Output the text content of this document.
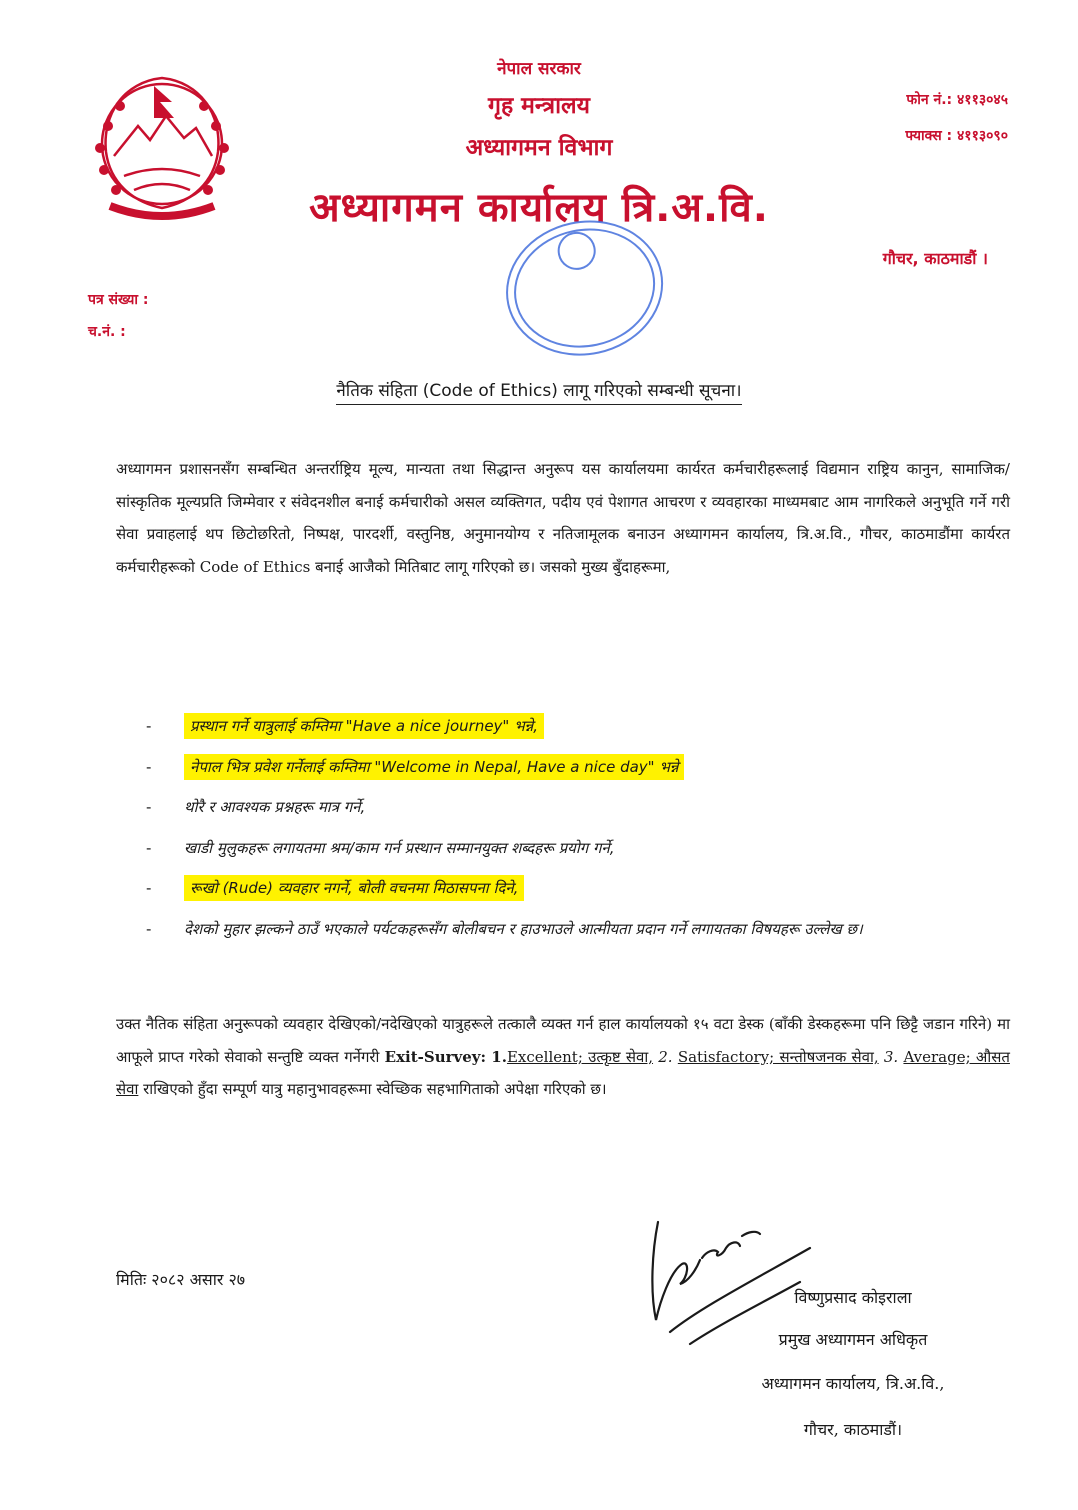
नेपाल सरकार
गृह मन्त्रालय
अध्यागमन विभाग
अध्यागमन कार्यालय त्रि.अ.वि.
फोन नं.: ४११३०४५
फ्याक्स : ४११३०९०
गौचर, काठमाडौं ।
पत्र संख्या :
च.नं. :
नैतिक संहिता (Code of Ethics) लागू गरिएको सम्बन्धी सूचना।
अध्यागमन प्रशासनसँग सम्बन्धित अन्तर्राष्ट्रिय मूल्य, मान्यता तथा सिद्धान्त अनुरूप यस कार्यालयमा कार्यरत कर्मचारीहरूलाई विद्यमान राष्ट्रिय कानुन, सामाजिक/सांस्कृतिक मूल्यप्रति जिम्मेवार र संवेदनशील बनाई कर्मचारीको असल व्यक्तिगत, पदीय एवं पेशागत आचरण र व्यवहारका माध्यमबाट आम नागरिकले अनुभूति गर्ने गरी सेवा प्रवाहलाई थप छिटोछरितो, निष्पक्ष, पारदर्शी, वस्तुनिष्ठ, अनुमानयोग्य र नतिजामूलक बनाउन अध्यागमन कार्यालय, त्रि.अ.वि., गौचर, काठमाडौंमा कार्यरत कर्मचारीहरूको Code of Ethics बनाई आजैको मितिबाट लागू गरिएको छ। जसको मुख्य बुँदाहरूमा,
-	प्रस्थान गर्ने यात्रुलाई कम्तिमा "Have a nice journey" भन्ने,
-	नेपाल भित्र प्रवेश गर्नेलाई कम्तिमा "Welcome in Nepal, Have a nice day" भन्ने
- थोरै र आवश्यक प्रश्नहरू मात्र गर्ने,
- खाडी मुलुकहरू लगायतमा श्रम/काम गर्न प्रस्थान सम्मानयुक्त शब्दहरू प्रयोग गर्ने,
-	रूखो (Rude) व्यवहार नगर्ने, बोली वचनमा मिठासपना दिने,
- देशको मुहार झल्कने ठाउँ भएकाले पर्यटकहरूसँग बोलीबचन र हाउभाउले आत्मीयता प्रदान गर्ने लगायतका विषयहरू उल्लेख छ।
उक्त नैतिक संहिता अनुरूपको व्यवहार देखिएको/नदेखिएको यात्रुहरूले तत्कालै व्यक्त गर्न हाल कार्यालयको १५ वटा डेस्क (बाँकी डेस्कहरूमा पनि छिट्टै जडान गरिने) मा आफूले प्राप्त गरेको सेवाको सन्तुष्टि व्यक्त गर्नेगरी Exit-Survey: 1.Excellent; उत्कृष्ट सेवा, 2. Satisfactory; सन्तोषजनक सेवा, 3. Average; औसत सेवा राखिएको हुँदा सम्पूर्ण यात्रु महानुभावहरूमा स्वेच्छिक सहभागिताको अपेक्षा गरिएको छ।
मितिः २०८२ असार २७
विष्णुप्रसाद कोइराला
प्रमुख अध्यागमन अधिकृत
अध्यागमन कार्यालय, त्रि.अ.वि.,
गौचर, काठमाडौं।
